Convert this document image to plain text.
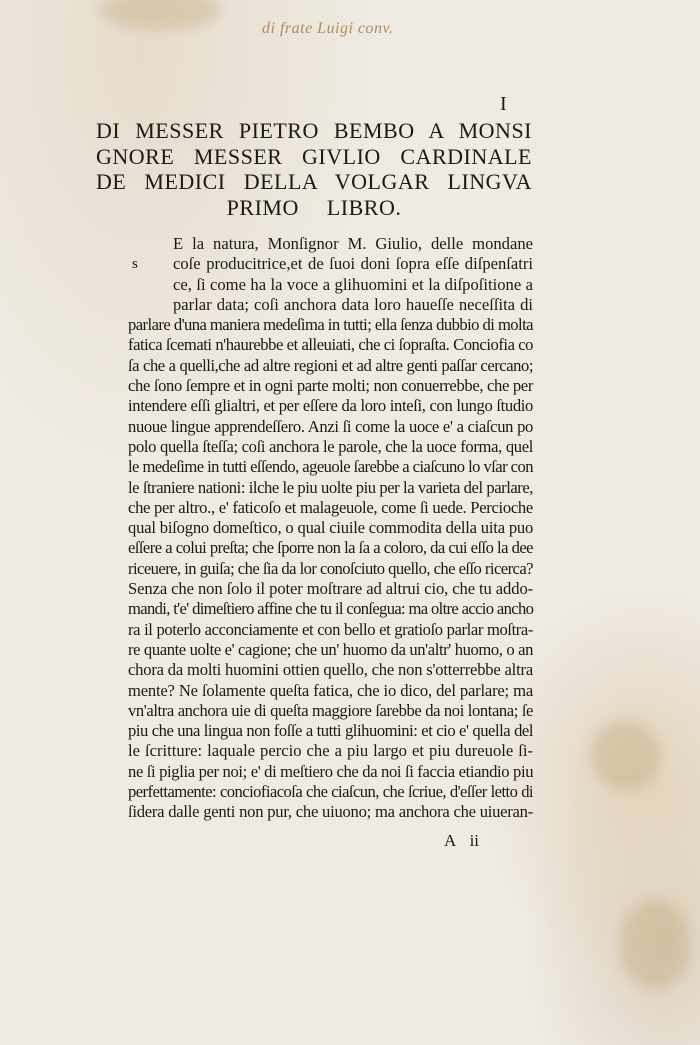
di frate Luigi conv.
I
DI MESSER PIETRO BEMBO A MONSI
GNORE MESSER GIVLIO CARDINALE
DE MEDICI DELLA VOLGAR LINGVA
PRIMO LIBRO.
s
E la natura, Monſignor M. Giulio, delle mondane
coſe producitrice,et de ſuoi doni ſopra eſſe diſpenſatri
ce, ſi come ha la voce a glihuomini et la diſpoſitione a
parlar data; coſi anchora data loro haueſſe neceſſita di
parlare d'una maniera medeſima in tutti; ella ſenza dubbio di molta
fatica ſcemati n'haurebbe et alleuiati, che ci ſopraſta. Conciofia co
ſa che a quelli,che ad altre regioni et ad altre genti paſſar cercano;
che ſono ſempre et in ogni parte molti; non conuerrebbe, che per
intendere eſſi glialtri, et per eſſere da loro inteſi, con lungo ſtudio
nuoue lingue apprendeſſero. Anzi ſi come la uoce e' a ciaſcun po
polo quella ſteſſa; coſi anchora le parole, che la uoce forma, quel
le medeſime in tutti eſſendo, ageuole ſarebbe a ciaſcuno lo vſar con
le ſtraniere nationi: ilche le piu uolte piu per la varieta del parlare,
che per altro., e' faticoſo et malageuole, come ſi uede. Percioche
qual biſogno domeſtico, o qual ciuile commodita della uita puo
eſſere a colui preſta; che ſporre non la ſa a coloro, da cui eſſo la dee
riceuere, in guiſa; che ſia da lor conoſciuto quello, che eſſo ricerca?
Senza che non ſolo il poter moſtrare ad altrui cio, che tu addo-
mandi, t'e' dimeſtiero affine che tu il conſegua: ma oltre accio ancho
ra il poterlo acconciamente et con bello et gratioſo parlar moſtra-
re quante uolte e' cagione; che un' huomo da un'altr' huomo, o an
chora da molti huomini ottien quello, che non s'otterrebbe altra
mente? Ne ſolamente queſta fatica, che io dico, del parlare; ma
vn'altra anchora uie di queſta maggiore ſarebbe da noi lontana; ſe
piu che una lingua non foſſe a tutti glihuomini: et cio e' quella del
le ſcritture: laquale percio che a piu largo et piu dureuole ſi-
ne ſi piglia per noi; e' di meſtiero che da noi ſi faccia etiandio piu
perfettamente: conciofiacoſa che ciaſcun, che ſcriue, d'eſſer letto di
ſidera dalle genti non pur, che uiuono; ma anchora che uiueran-
A ii
